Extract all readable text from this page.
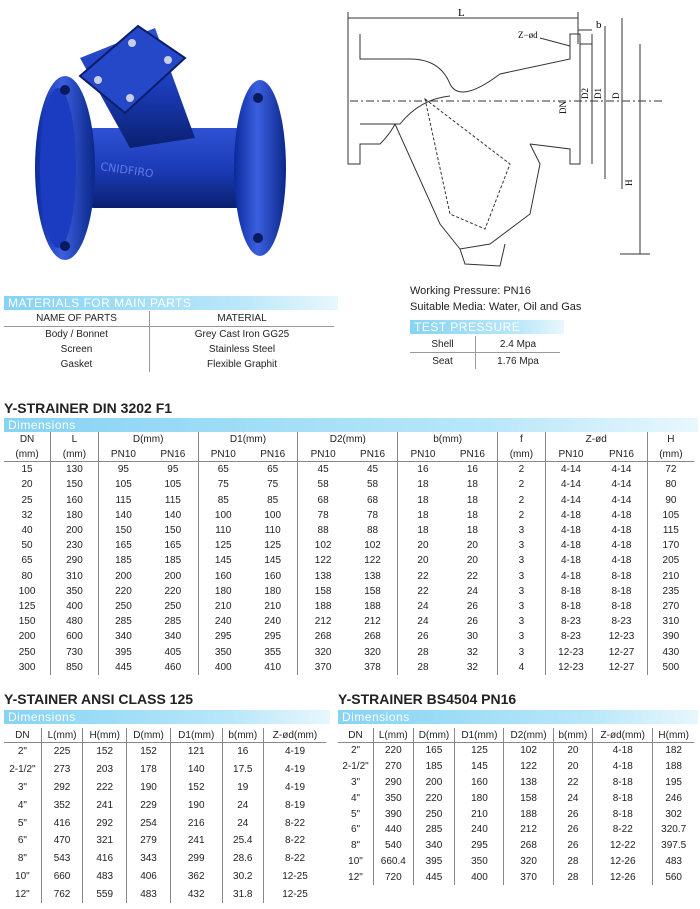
CNIDFIRO
L
b
Z−ød
DN
D2 D1 D
H
MATERIALS FOR MAIN PARTS
NAME OF PARTS	MATERIAL
Body / Bonnet	Grey Cast Iron GG25
Screen	Stainless Steel
Gasket	Flexible Graphit
Working Pressure: PN16
Suitable Media: Water, Oil and Gas
TEST PRESSURE
Shell	2.4 Mpa
Seat	1.76 Mpa
Y-STRAINER DIN 3202 F1
Dimensions
DN	L	D(mm)		D1(mm)		D2(mm)		b(mm)		f	Z-ød		H
(mm)	(mm)	PN10	PN16	PN10	PN16	PN10	PN16	PN10	PN16	(mm)	PN10	PN16	(mm)
15	130	95	95	65	65	45	45	16	16	2	4-14	4-14	72
20	150	105	105	75	75	58	58	18	18	2	4-14	4-14	80
25	160	115	115	85	85	68	68	18	18	2	4-14	4-14	90
32	180	140	140	100	100	78	78	18	18	2	4-18	4-18	105
40	200	150	150	110	110	88	88	18	18	3	4-18	4-18	115
50	230	165	165	125	125	102	102	20	20	3	4-18	4-18	170
65	290	185	185	145	145	122	122	20	20	3	4-18	4-18	205
80	310	200	200	160	160	138	138	22	22	3	4-18	8-18	210
100	350	220	220	180	180	158	158	22	24	3	8-18	8-18	235
125	400	250	250	210	210	188	188	24	26	3	8-18	8-18	270
150	480	285	285	240	240	212	212	24	26	3	8-23	8-23	310
200	600	340	340	295	295	268	268	26	30	3	8-23	12-23	390
250	730	395	405	350	355	320	320	28	32	3	12-23	12-27	430
300	850	445	460	400	410	370	378	28	32	4	12-23	12-27	500
Y-STAINER ANSI CLASS 125
Dimensions
DN	L(mm)	H(mm)	D(mm)	D1(mm)	b(mm)	Z-ød(mm)
2"	225	152	152	121	16	4-19
2-1/2"	273	203	178	140	17.5	4-19
3"	292	222	190	152	19	4-19
4"	352	241	229	190	24	8-19
5"	416	292	254	216	24	8-22
6"	470	321	279	241	25.4	8-22
8"	543	416	343	299	28.6	8-22
10"	660	483	406	362	30.2	12-25
12"	762	559	483	432	31.8	12-25
Y-STRAINER BS4504 PN16
Dimensions
DN	L(mm)	D(mm)	D1(mm)	D2(mm)	b(mm)	Z-ød(mm)	H(mm)
2"	220	165	125	102	20	4-18	182
2-1/2"	270	185	145	122	20	4-18	188
3"	290	200	160	138	22	8-18	195
4"	350	220	180	158	24	8-18	246
5"	390	250	210	188	26	8-18	302
6"	440	285	240	212	26	8-22	320.7
8"	540	340	295	268	26	12-22	397.5
10"	660.4	395	350	320	28	12-26	483
12"	720	445	400	370	28	12-26	560
